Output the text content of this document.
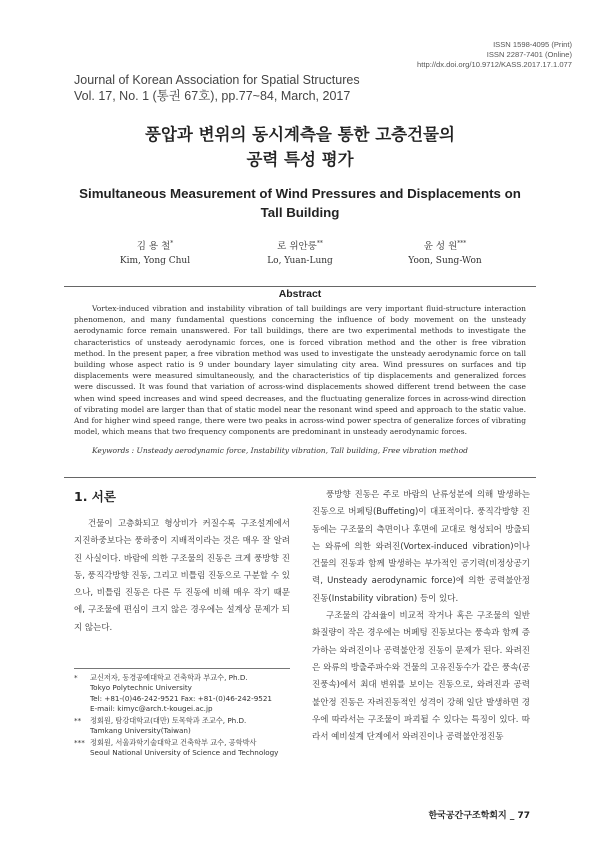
ISSN 1598-4095 (Print)
ISSN 2287-7401 (Online)
http://dx.doi.org/10.9712/KASS.2017.17.1.077
Journal of Korean Association for Spatial Structures
Vol. 17, No. 1 (통권 67호), pp.77~84, March, 2017
풍압과 변위의 동시계측을 통한 고층건물의
공력 특성 평가
Simultaneous Measurement of Wind Pressures and Displacements on
Tall Building
김 용 철*
Kim, Yong Chul
로 위안룽**
Lo, Yuan-Lung
윤 성 원***
Yoon, Sung-Won
Abstract
Vortex-induced vibration and instability vibration of tall buildings are very important fluid-structure interaction phenomenon, and many fundamental questions concerning the influence of body movement on the unsteady aerodynamic force remain unanswered. For tall buildings, there are two experimental methods to investigate the characteristics of unsteady aerodynamic forces, one is forced vibration method and the other is free vibration method. In the present paper, a free vibration method was used to investigate the unsteady aerodynamic force on tall building whose aspect ratio is 9 under boundary layer simulating city area. Wind pressures on surfaces and tip displacements were measured simultaneously, and the characteristics of tip displacements and generalized forces were discussed. It was found that variation of across-wind displacements showed different trend between the case when wind speed increases and wind speed decreases, and the fluctuating generalize forces in across-wind direction of vibrating model are larger than that of static model near the resonant wind speed and approach to the static value. And for higher wind speed range, there were two peaks in across-wind power spectra of generalize forces of vibrating model, which means that two frequency components are predominant in unsteady aerodynamic forces.
Keywords : Unsteady aerodynamic force, Instability vibration, Tall building, Free vibration method
1. 서론

건물이 고층화되고 형상비가 커질수록 구조설계에서 지진하중보다는 풍하중이 지배적이라는 것은 매우 잘 알려진 사실이다. 바람에 의한 구조물의 진동은 크게 풍방향 진동, 풍직각방향 진동, 그리고 비틀림 진동으로 구분할 수 있으나, 비틀림 진동은 다른 두 진동에 비해 매우 작기 때문에, 구조물에 편심이 크지 않은 경우에는 설계상 문제가 되지 않는다.

* 교신저자, 동경공예대학교 건축학과 부교수, Ph.D.
Tokyo Polytechnic University
Tel: +81-(0)46-242-9521 Fax: +81-(0)46-242-9521
E-mail: kimyc@arch.t-kougei.ac.jp
** 정회원, 탐강대학교(대만) 토목학과 조교수, Ph.D.
Tamkang University(Taiwan)
*** 정회원, 서울과학기술대학교 건축학부 교수, 공학박사
Seoul National University of Science and Technology

풍방향 진동은 주로 바람의 난류성분에 의해 발생하는 진동으로 버페팅(Buffeting)이 대표적이다. 풍직각방향 진동에는 구조물의 측면이나 후면에 교대로 형성되어 방출되는 와류에 의한 와려진(Vortex-induced vibration)이나 건물의 진동과 함께 발생하는 부가적인 공기력(비정상공기력, Unsteady aerodynamic force)에 의한 공력불안정진동(Instability vibration) 등이 있다.

구조물의 감쇠율이 비교적 작거나 혹은 구조물의 일반화질량이 작은 경우에는 버페팅 진동보다는 풍속과 함께 증가하는 와려진이나 공력불안정 진동이 문제가 된다. 와려진은 와류의 방출주파수와 건물의 고유진동수가 같은 풍속(공진풍속)에서 최대 변위를 보이는 진동으로, 와려진과 공력불안정 진동은 자려진동적인 성격이 강해 일단 발생하면 경우에 따라서는 구조물이 파괴될 수 있다는 특징이 있다. 따라서 예비설계 단계에서 와려진이나 공력불안정진동

한국공간구조학회지 _ 77
